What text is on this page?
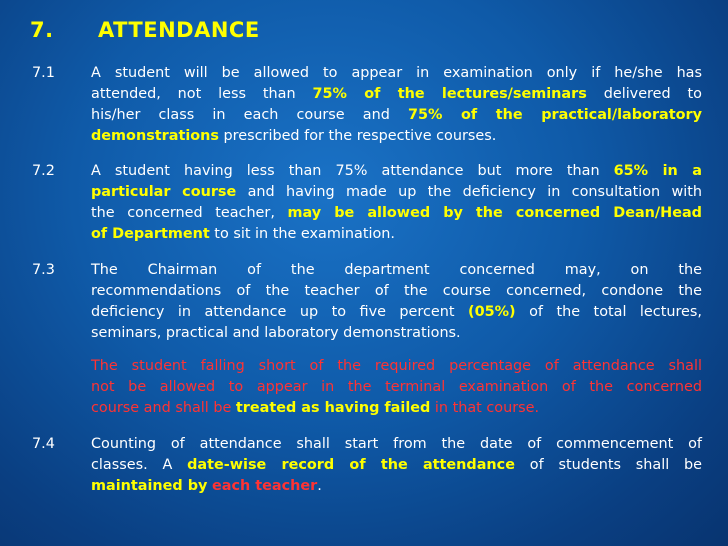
7. ATTENDANCE
7.1	A student will be allowed to appear in examination only if he/she has
attended, not less than 75% of the lectures/seminars delivered to
his/her class in each course and 75% of the practical/laboratory
demonstrations prescribed for the respective courses.
7.2	A student having less than 75% attendance but more than 65% in a
particular course and having made up the deficiency in consultation with
the concerned teacher, may be allowed by the concerned Dean/Head
of Department to sit in the examination.
7.3	The Chairman of the department concerned may, on the
recommendations of the teacher of the course concerned, condone the
deficiency in attendance up to five percent (05%) of the total lectures,
seminars, practical and laboratory demonstrations.
The student falling short of the required percentage of attendance shall
not be allowed to appear in the terminal examination of the concerned
course and shall be treated as having failed in that course.
7.4	Counting of attendance shall start from the date of commencement of
classes. A date-wise record of the attendance of students shall be
maintained by each teacher.
